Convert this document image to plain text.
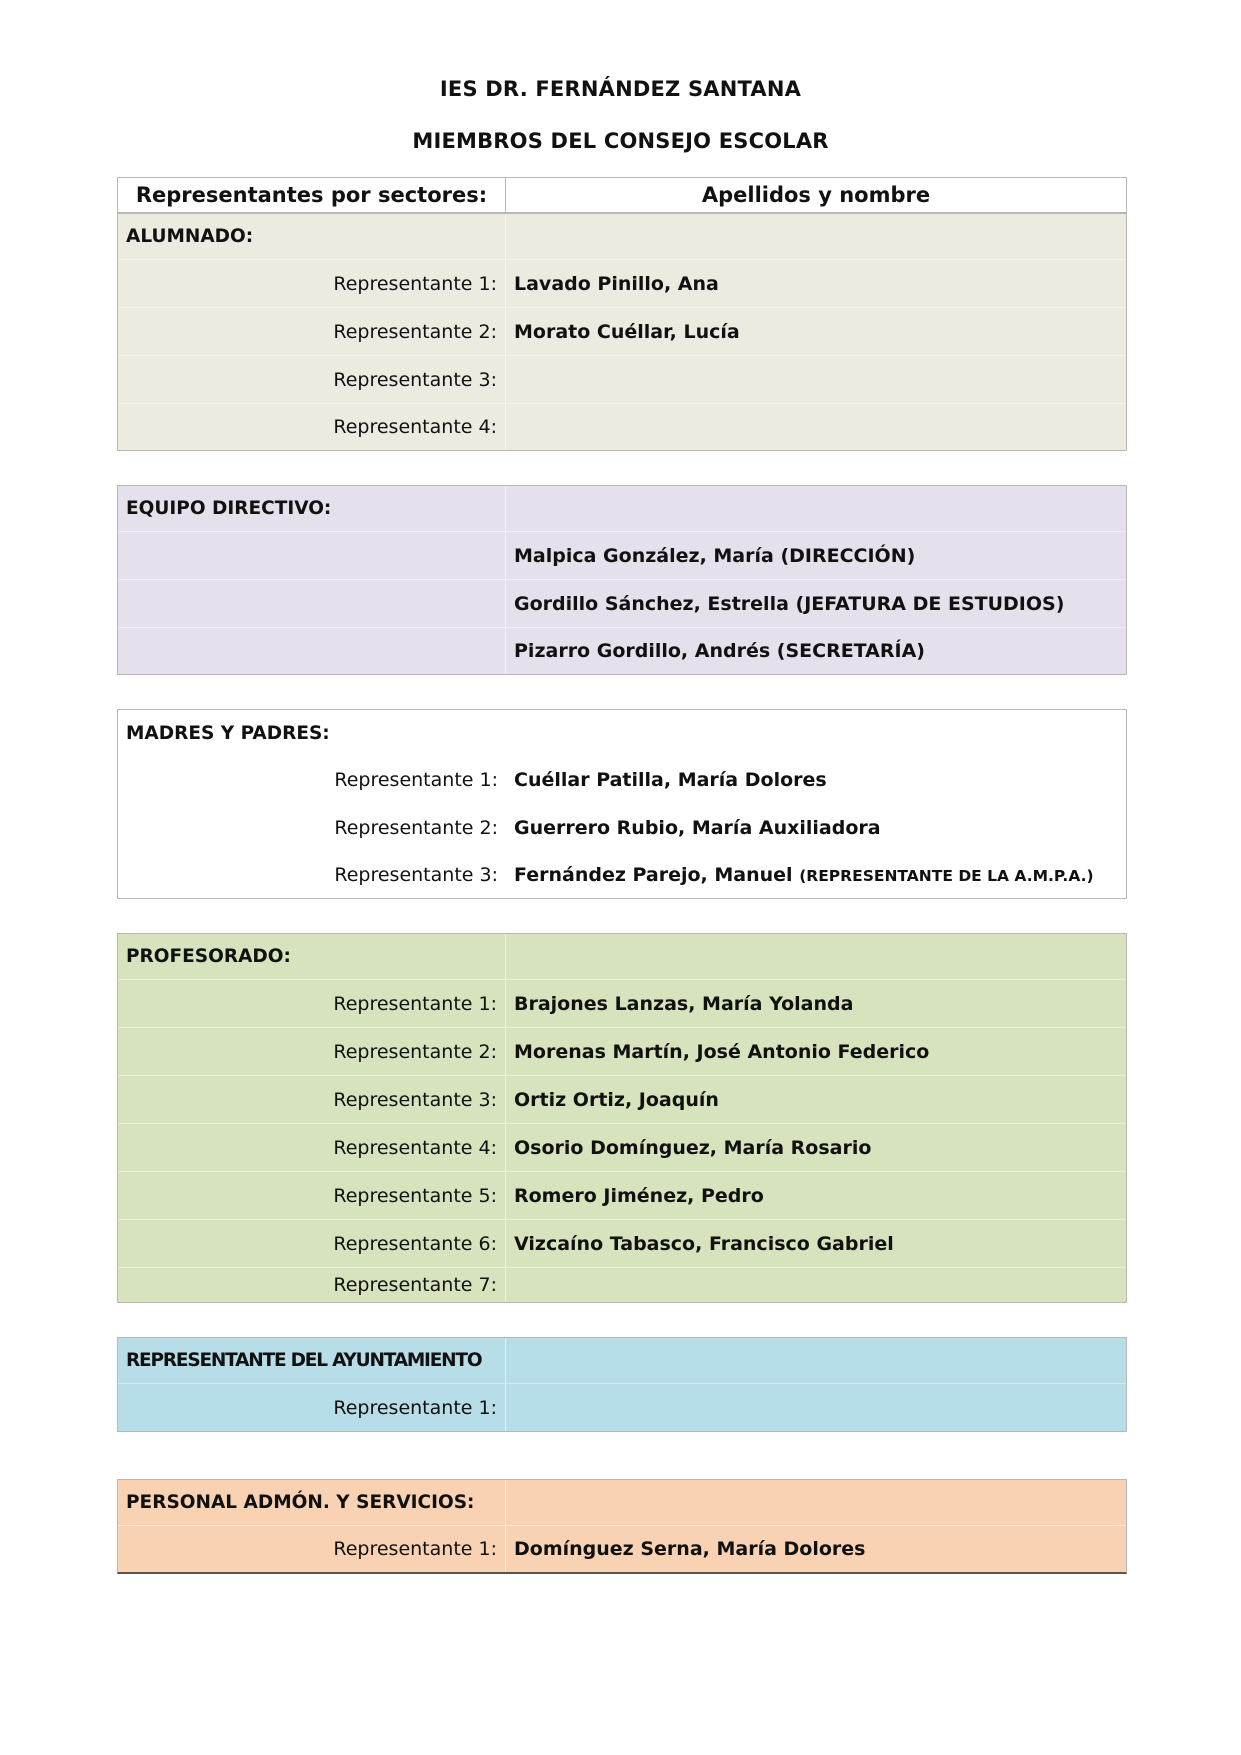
IES DR. FERNÁNDEZ SANTANA
MIEMBROS DEL CONSEJO ESCOLAR
Representantes por sectores:	Apellidos y nombre
ALUMNADO:
Representante 1: Lavado Pinillo, Ana
Representante 2: Morato Cuéllar, Lucía
Representante 3:
Representante 4:
EQUIPO DIRECTIVO:
Malpica González, María (DIRECCIÓN)
Gordillo Sánchez, Estrella (JEFATURA DE ESTUDIOS)
Pizarro Gordillo, Andrés (SECRETARÍA)
MADRES Y PADRES:
Representante 1: Cuéllar Patilla, María Dolores
Representante 2: Guerrero Rubio, María Auxiliadora
Representante 3: Fernández Parejo, Manuel (REPRESENTANTE DE LA A.M.P.A.)
PROFESORADO:
Representante 1: Brajones Lanzas, María Yolanda
Representante 2: Morenas Martín, José Antonio Federico
Representante 3: Ortiz Ortiz, Joaquín
Representante 4: Osorio Domínguez, María Rosario
Representante 5: Romero Jiménez, Pedro
Representante 6: Vizcaíno Tabasco, Francisco Gabriel
Representante 7:
REPRESENTANTE DEL AYUNTAMIENTO
Representante 1:
PERSONAL ADMÓN. Y SERVICIOS:
Representante 1: Domínguez Serna, María Dolores
